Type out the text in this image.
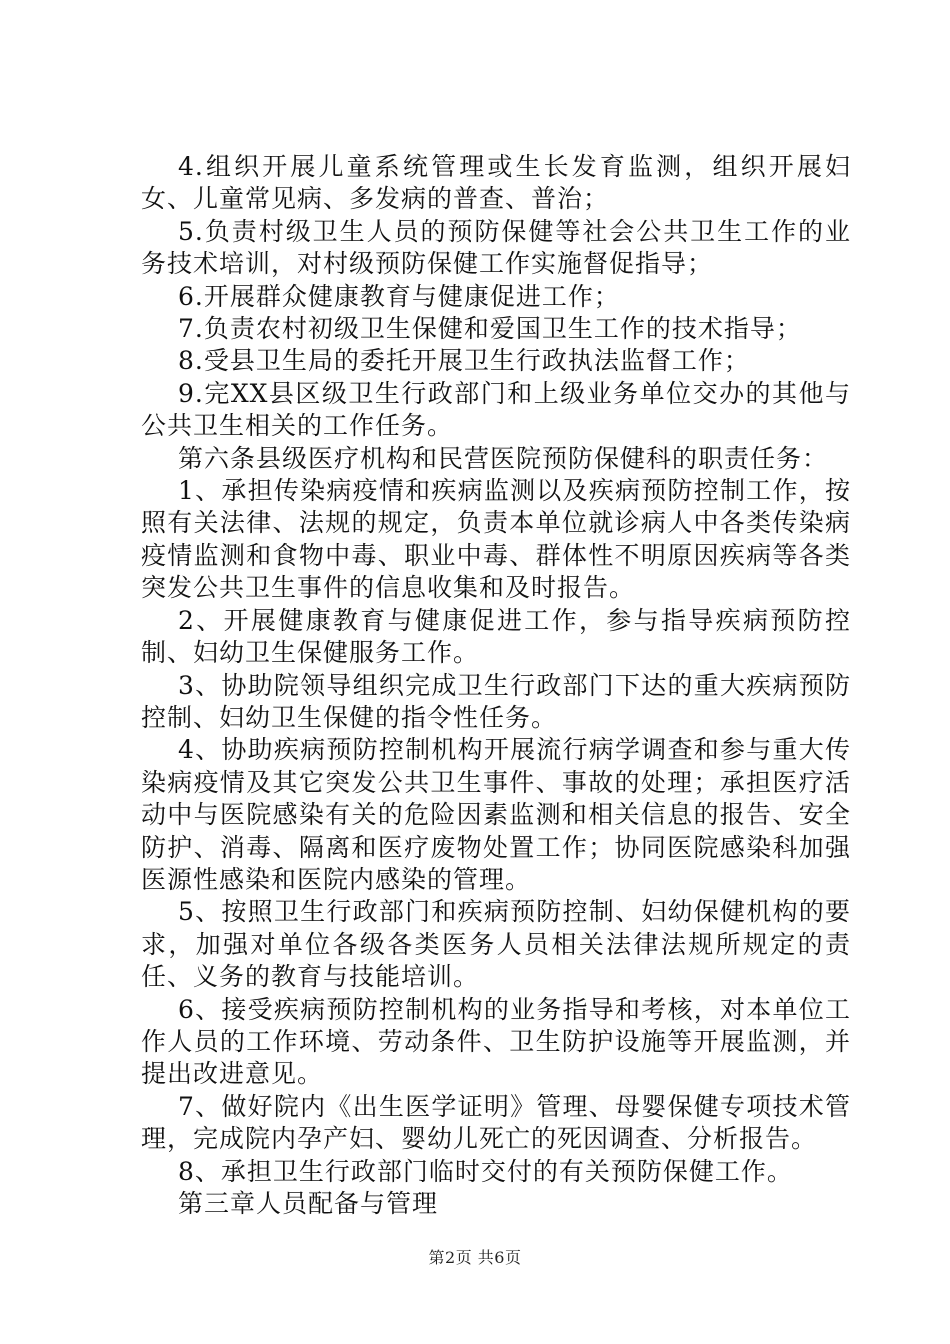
4.组织开展儿童系统管理或生长发育监测，组织开展妇女、儿童常见病、多发病的普查、普治；

5.负责村级卫生人员的预防保健等社会公共卫生工作的业务技术培训，对村级预防保健工作实施督促指导；

6.开展群众健康教育与健康促进工作；

7.负责农村初级卫生保健和爱国卫生工作的技术指导；

8.受县卫生局的委托开展卫生行政执法监督工作；

9.完XX县区级卫生行政部门和上级业务单位交办的其他与公共卫生相关的工作任务。

第六条县级医疗机构和民营医院预防保健科的职责任务：

1、承担传染病疫情和疾病监测以及疾病预防控制工作，按照有关法律、法规的规定，负责本单位就诊病人中各类传染病疫情监测和食物中毒、职业中毒、群体性不明原因疾病等各类突发公共卫生事件的信息收集和及时报告。

2、开展健康教育与健康促进工作，参与指导疾病预防控制、妇幼卫生保健服务工作。

3、协助院领导组织完成卫生行政部门下达的重大疾病预防控制、妇幼卫生保健的指令性任务。

4、协助疾病预防控制机构开展流行病学调查和参与重大传染病疫情及其它突发公共卫生事件、事故的处理；承担医疗活动中与医院感染有关的危险因素监测和相关信息的报告、安全防护、消毒、隔离和医疗废物处置工作；协同医院感染科加强医源性感染和医院内感染的管理。

5、按照卫生行政部门和疾病预防控制、妇幼保健机构的要求，加强对单位各级各类医务人员相关法律法规所规定的责任、义务的教育与技能培训。

6、接受疾病预防控制机构的业务指导和考核，对本单位工作人员的工作环境、劳动条件、卫生防护设施等开展监测，并提出改进意见。

7、做好院内《出生医学证明》管理、母婴保健专项技术管理，完成院内孕产妇、婴幼儿死亡的死因调查、分析报告。

8、承担卫生行政部门临时交付的有关预防保健工作。

第三章人员配备与管理

第2页 共6页
